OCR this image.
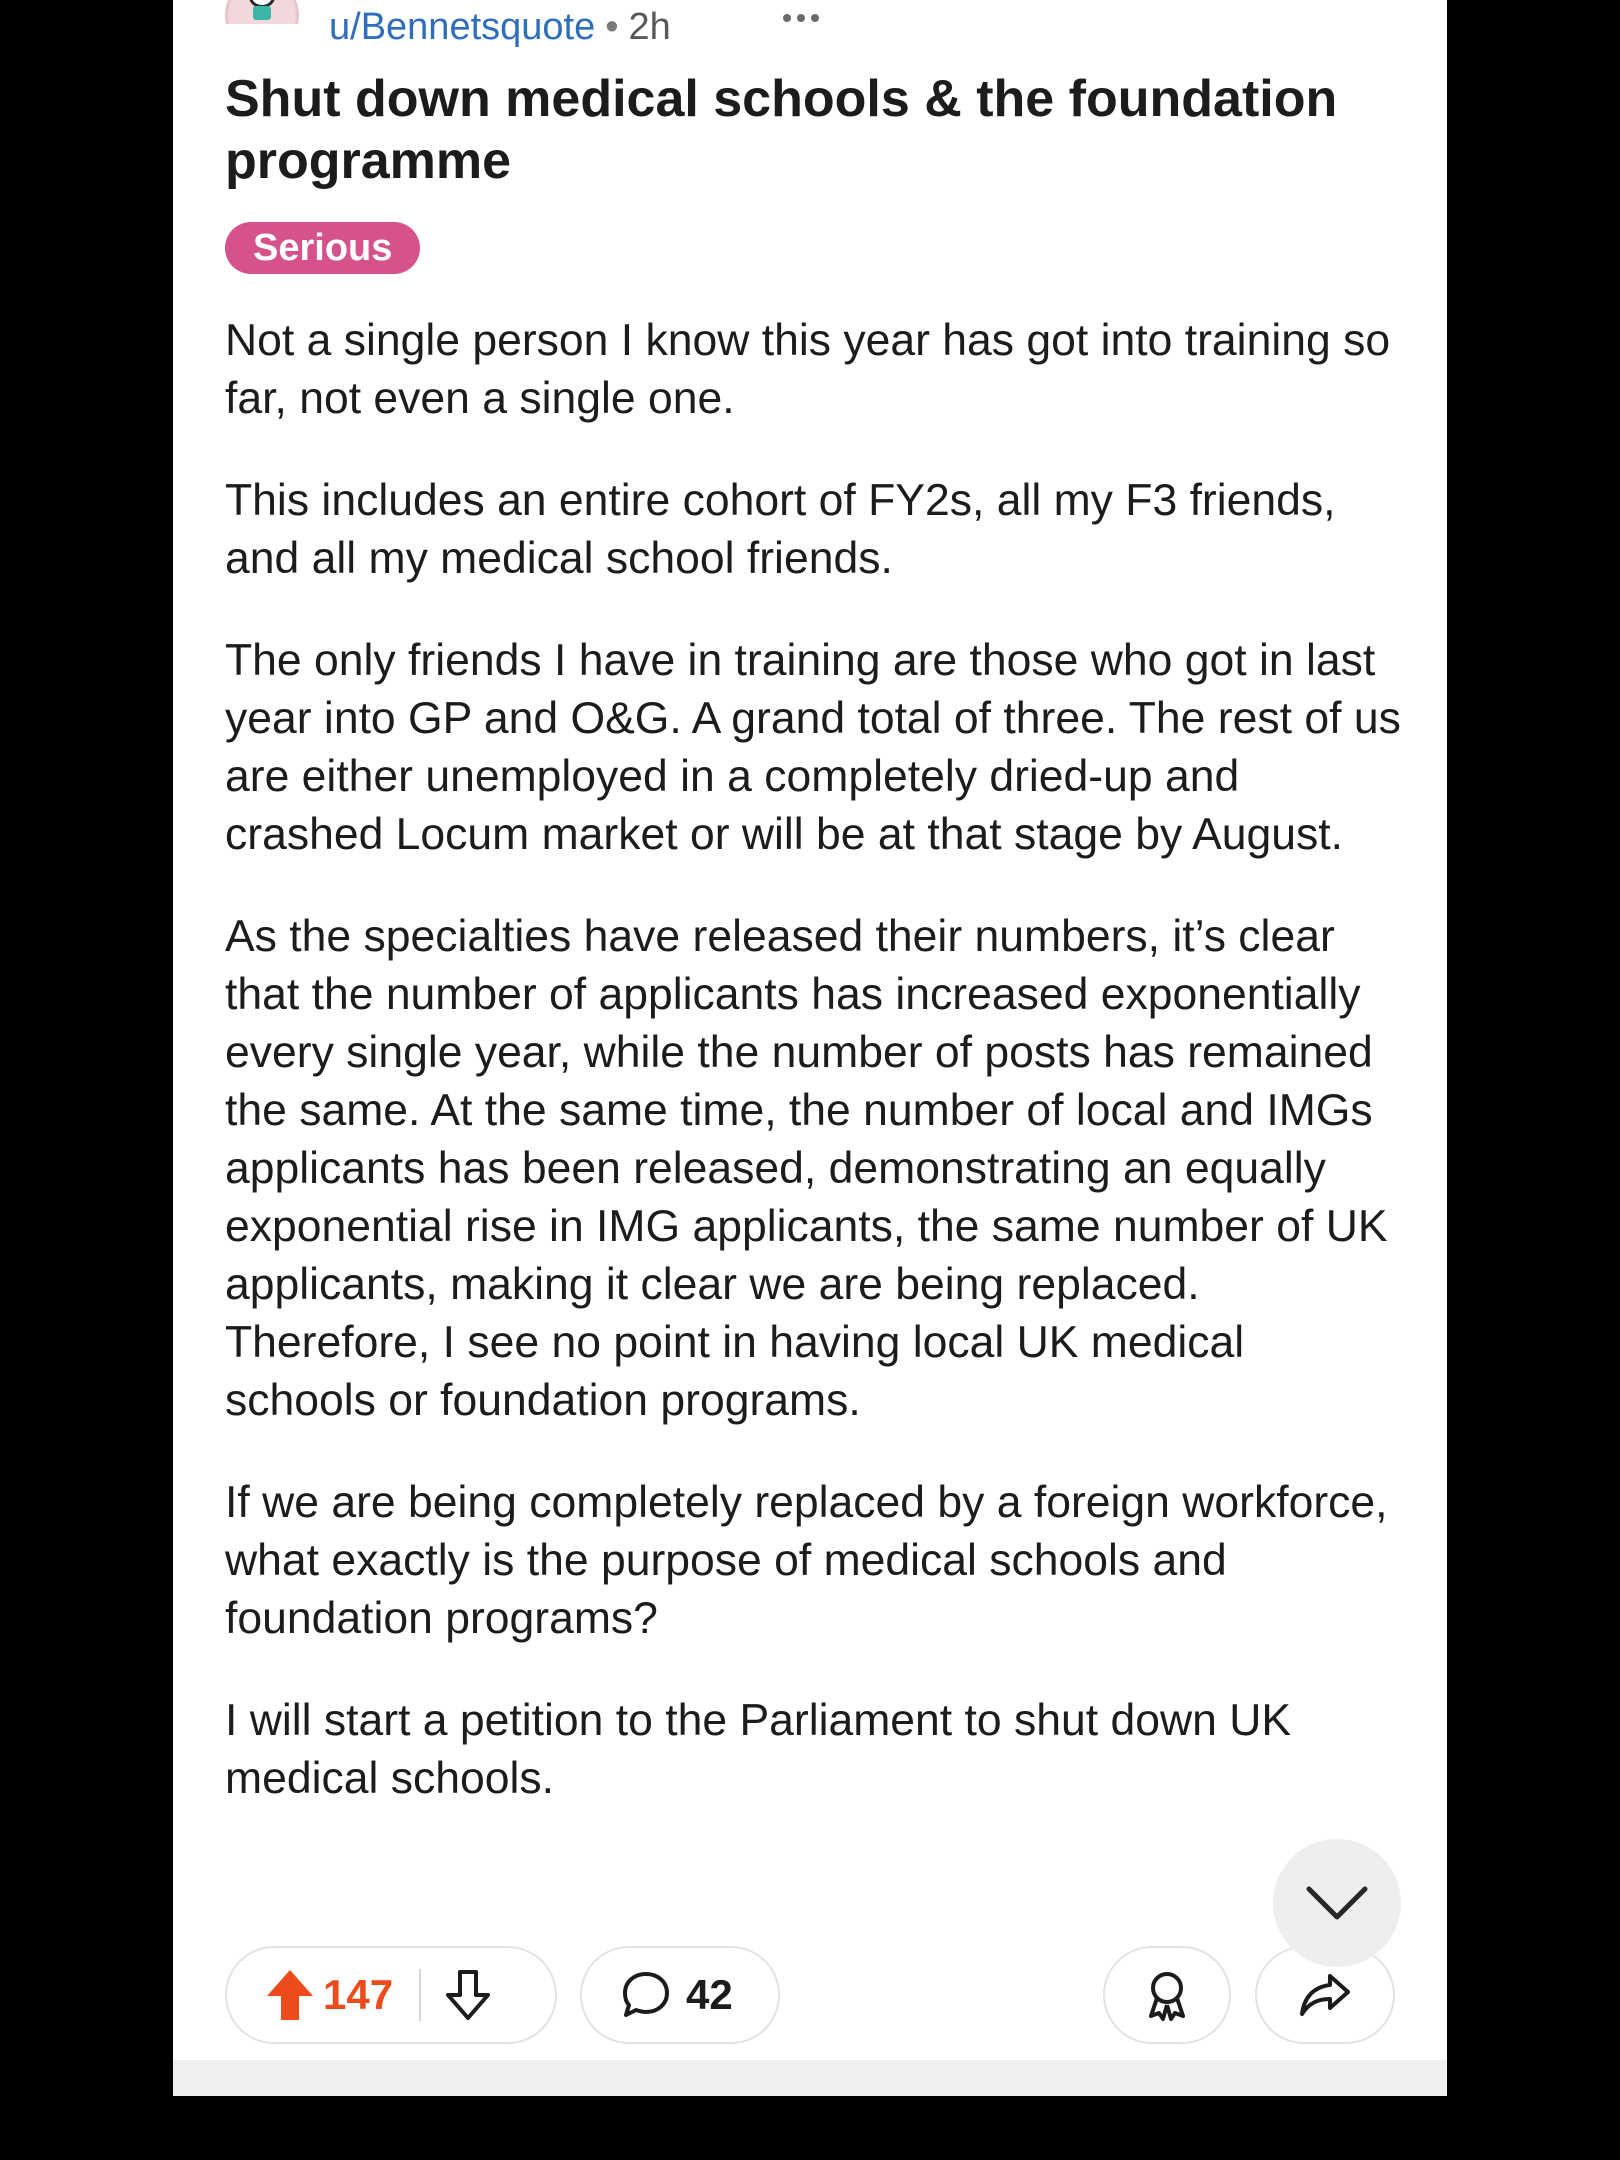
u/Bennetsquote • 2h
Shut down medical schools & the foundation programme
Serious

Not a single person I know this year has got into training so far, not even a single one.

This includes an entire cohort of FY2s, all my F3 friends, and all my medical school friends.

The only friends I have in training are those who got in last year into GP and O&G. A grand total of three. The rest of us are either unemployed in a completely dried-up and crashed Locum market or will be at that stage by August.

As the specialties have released their numbers, it’s clear that the number of applicants has increased exponentially every single year, while the number of posts has remained the same. At the same time, the number of local and IMGs applicants has been released, demonstrating an equally exponential rise in IMG applicants, the same number of UK applicants, making it clear we are being replaced. Therefore, I see no point in having local UK medical schools or foundation programs.

If we are being completely replaced by a foreign workforce, what exactly is the purpose of medical schools and foundation programs?

I will start a petition to the Parliament to shut down UK medical schools.

147	42
